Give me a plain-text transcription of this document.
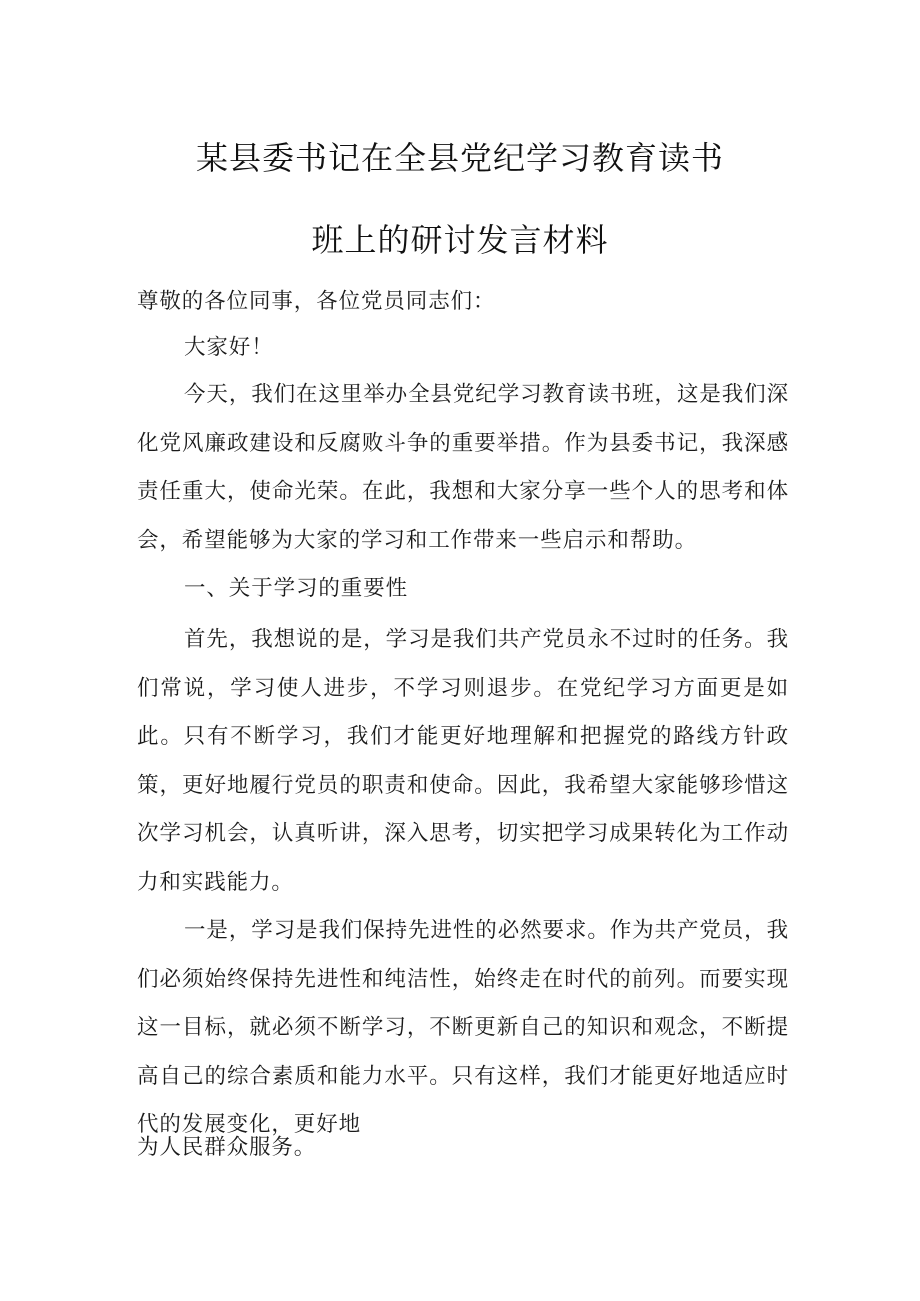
某县委书记在全县党纪学习教育读书
班上的研讨发言材料
尊敬的各位同事，各位党员同志们：

大家好！

今天，我们在这里举办全县党纪学习教育读书班，这是我们深化党风廉政建设和反腐败斗争的重要举措。作为县委书记，我深感责任重大，使命光荣。在此，我想和大家分享一些个人的思考和体会，希望能够为大家的学习和工作带来一些启示和帮助。

一、关于学习的重要性

首先，我想说的是，学习是我们共产党员永不过时的任务。我们常说，学习使人进步，不学习则退步。在党纪学习方面更是如此。只有不断学习，我们才能更好地理解和把握党的路线方针政策，更好地履行党员的职责和使命。因此，我希望大家能够珍惜这次学习机会，认真听讲，深入思考，切实把学习成果转化为工作动力和实践能力。

一是，学习是我们保持先进性的必然要求。作为共产党员，我们必须始终保持先进性和纯洁性，始终走在时代的前列。而要实现这一目标，就必须不断学习，不断更新自己的知识和观念，不断提高自己的综合素质和能力水平。只有这样，我们才能更好地适应时代的发展变化，更好地

为人民群众服务。
